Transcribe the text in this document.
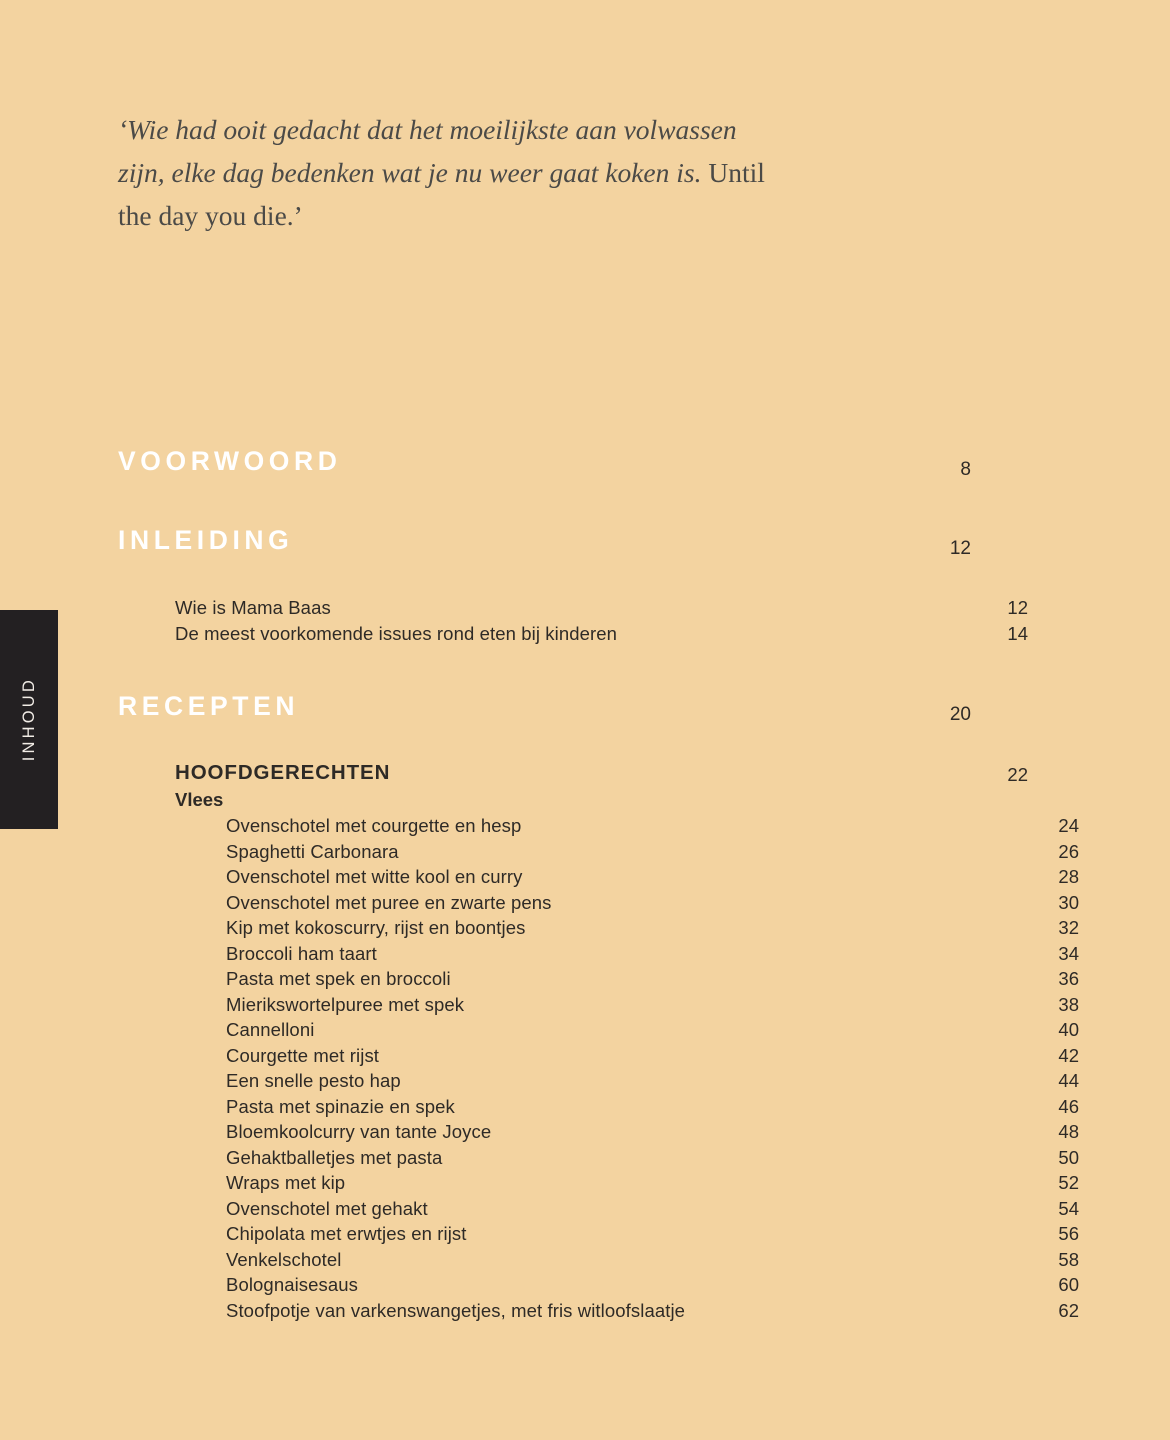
INHOUD
‘Wie had ooit gedacht dat het moeilijkste aan volwassen zijn, elke dag bedenken wat je nu weer gaat koken is. Until the day you die.’
VOORWOORD	8
INLEIDING	12
Wie is Mama Baas	12
De meest voorkomende issues rond eten bij kinderen	14
RECEPTEN	20
HOOFDGERECHTEN	22
Vlees
Ovenschotel met courgette en hesp	24
Spaghetti Carbonara	26
Ovenschotel met witte kool en curry	28
Ovenschotel met puree en zwarte pens	30
Kip met kokoscurry, rijst en boontjes	32
Broccoli ham taart	34
Pasta met spek en broccoli	36
Mierikswortelpuree met spek	38
Cannelloni	40
Courgette met rijst	42
Een snelle pesto hap	44
Pasta met spinazie en spek	46
Bloemkoolcurry van tante Joyce	48
Gehaktballetjes met pasta	50
Wraps met kip	52
Ovenschotel met gehakt	54
Chipolata met erwtjes en rijst	56
Venkelschotel	58
Bolognaisesaus	60
Stoofpotje van varkenswangetjes, met fris witloofslaatje	62
